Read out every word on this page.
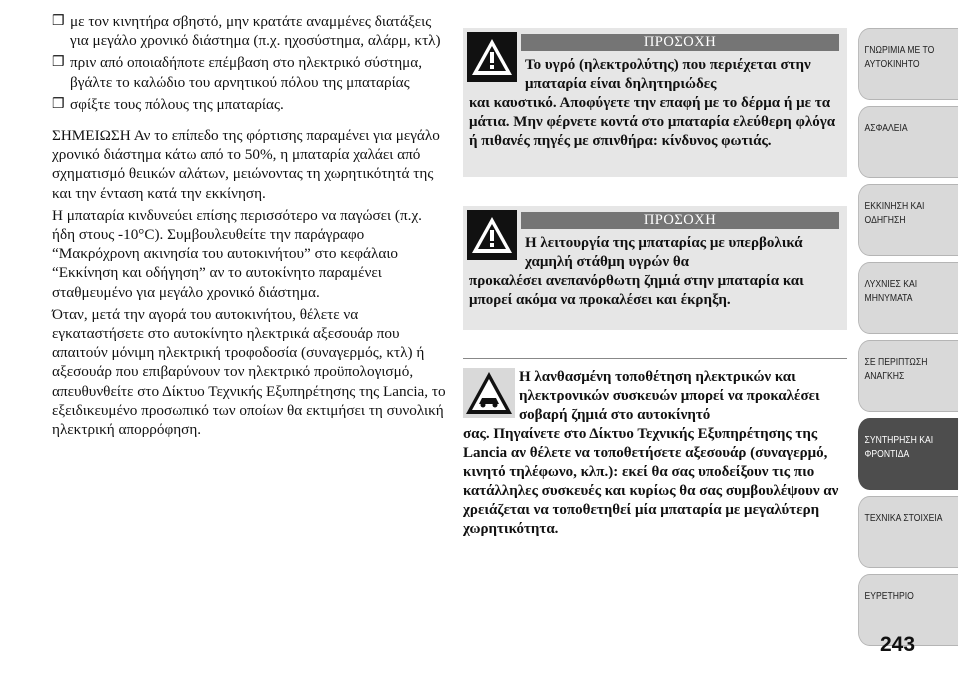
❒ με τον κινητήρα σβηστό, μην κρατάτε αναμμένες διατάξεις για μεγάλο χρονικό διάστημα (π.χ. ηχοσύστημα, αλάρμ, κτλ)
❒ πριν από οποιαδήποτε επέμβαση στο ηλεκτρικό σύστημα, βγάλτε το καλώδιο του αρνητικού πόλου της μπαταρίας
❒ σφίξτε τους πόλους της μπαταρίας.

ΣΗΜΕΙΩΣΗ Αν το επίπεδο της φόρτισης παραμένει για μεγάλο χρονικό διάστημα κάτω από το 50%, η μπαταρία χαλάει από σχηματισμό θειικών αλάτων, μειώνοντας τη χωρητικότητά της και την ένταση κατά την εκκίνηση.

Η μπαταρία κινδυνεύει επίσης περισσότερο να παγώσει (π.χ. ήδη στους -10°C). Συμβουλευθείτε την παράγραφο “Μακρόχρονη ακινησία του αυτοκινήτου” στο κεφάλαιο “Εκκίνηση και οδήγηση” αν το αυτοκίνητο παραμένει σταθμευμένο για μεγάλο χρονικό διάστημα.

Όταν, μετά την αγορά του αυτοκινήτου, θέλετε να εγκαταστήσετε στο αυτοκίνητο ηλεκτρικά αξεσουάρ που απαιτούν μόνιμη ηλεκτρική τροφοδοσία (συναγερμός, κτλ) ή αξεσουάρ που επιβαρύνουν τον ηλεκτρικό προϋπολογισμό, απευθυνθείτε στο Δίκτυο Τεχνικής Εξυπηρέτησης της Lancia, το εξειδικευμένο προσωπικό των οποίων θα εκτιμήσει τη συνολική ηλεκτρική απορρόφηση.

ΠΡΟΣΟΧΗ
Το υγρό (ηλεκτρολύτης) που περιέχεται στην μπαταρία είναι δηλητηριώδες
και καυστικό. Αποφύγετε την επαφή με το δέρμα ή με τα μάτια. Μην φέρνετε κοντά στο μπαταρία ελεύθερη φλόγα ή πιθανές πηγές με σπινθήρα: κίνδυνος φωτιάς.
ΠΡΟΣΟΧΗ
Η λειτουργία της μπαταρίας με υπερβολικά χαμηλή στάθμη υγρών θα
προκαλέσει ανεπανόρθωτη ζημιά στην μπαταρία και μπορεί ακόμα να προκαλέσει και έκρηξη.
Η λανθασμένη τοποθέτηση ηλεκτρικών και ηλεκτρονικών συσκευών μπορεί να προκαλέσει σοβαρή ζημιά στο αυτοκίνητό
σας. Πηγαίνετε στο Δίκτυο Τεχνικής Εξυπηρέτησης της Lancia αν θέλετε να τοποθετήσετε αξεσουάρ (συναγερμό, κινητό τηλέφωνο, κλπ.): εκεί θα σας υποδείξουν τις πιο κατάλληλες συσκευές και κυρίως θα σας συμβουλέψουν αν χρειάζεται να τοποθετηθεί μία μπαταρία με μεγαλύτερη χωρητικότητα.
ΓΝΩΡΙΜΙΑ ΜΕ ΤΟ
ΑΥΤΟΚΙΝΗΤΟ
ΑΣΦΑΛΕΙΑ
ΕΚΚΙΝΗΣΗ ΚΑΙ
ΟΔΗΓΗΣΗ
ΛΥΧΝΙΕΣ ΚΑΙ
ΜΗΝΥΜΑΤΑ
ΣΕ ΠΕΡΙΠΤΩΣΗ
ΑΝΑΓΚΗΣ
ΣΥΝΤΗΡΗΣΗ ΚΑΙ
ΦΡΟΝΤΙΔΑ
ΤΕΧΝΙΚΑ ΣΤΟΙΧΕΙΑ
ΕΥΡΕΤΗΡΙΟ
243
